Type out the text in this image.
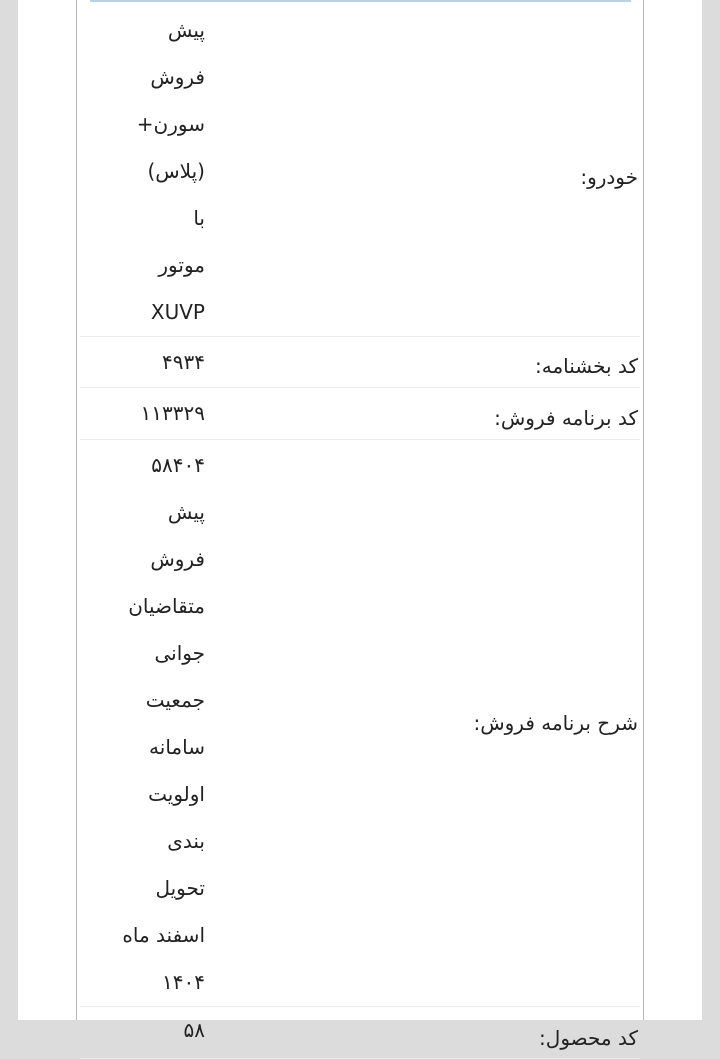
خودرو:	
پیش
فروش
سورن+
(پلاس) با
موتور
XUVP

کد بخشنامه:	۴۹۳۴

کد برنامه فروش:	۱۱۳۳۲۹

شرح برنامه فروش:	
۵۸۴۰۴
پیش
فروش
متقاضیان
جوانی
جمعیت
سامانه
اولویت
بندی
تحویل
اسفند ماه
۱۴۰۴

کد محصول:	۵۸
